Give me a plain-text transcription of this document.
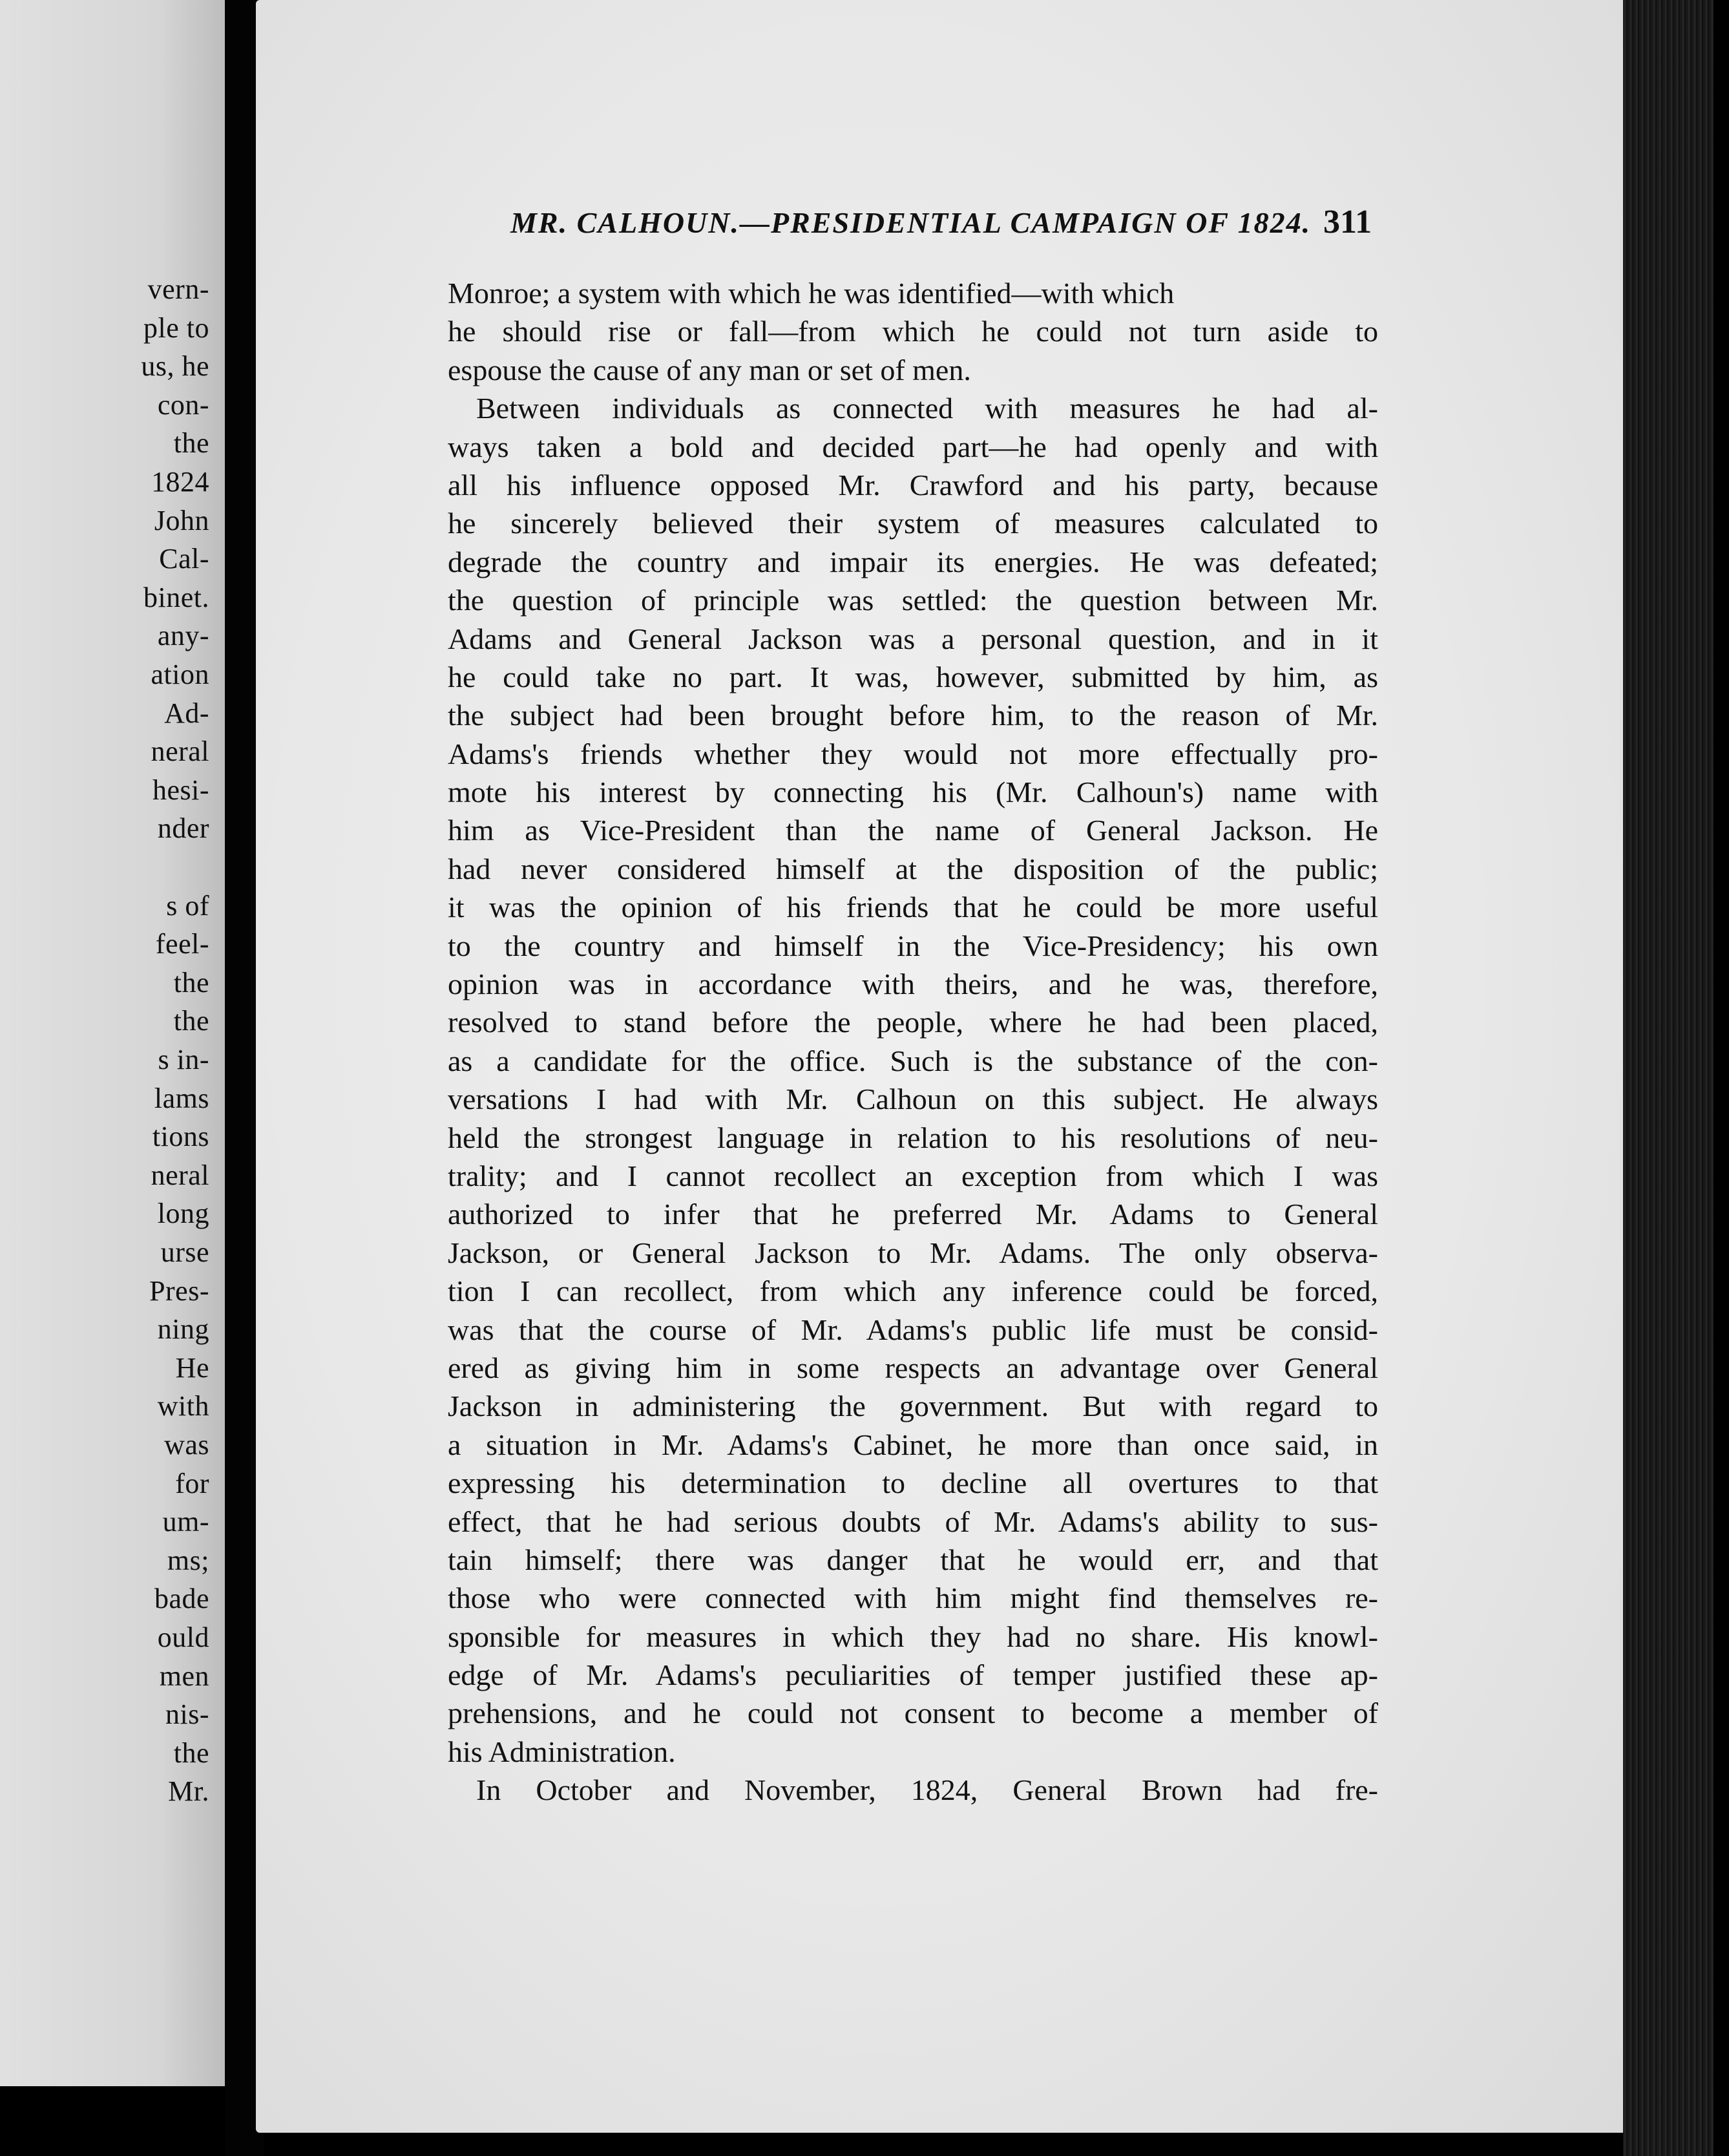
vern-
ple to
us, he
con-
the
1824
John
Cal-
binet.
any-
ation
Ad-
neral
hesi-
nder
s of
feel-
the
the
s in-
lams
tions
neral
long
urse
Pres-
ning
He
with
was
for
um-
ms;
bade
ould
men
nis-
the
Mr.
MR. CALHOUN.—PRESIDENTIAL CAMPAIGN OF 1824. 311
Monroe; a system with which he was identified—with which
he should rise or fall—from which he could not turn aside to
espouse the cause of any man or set of men.
Between individuals as connected with measures he had al-
ways taken a bold and decided part—he had openly and with
all his influence opposed Mr. Crawford and his party, because
he sincerely believed their system of measures calculated to
degrade the country and impair its energies. He was defeated;
the question of principle was settled: the question between Mr.
Adams and General Jackson was a personal question, and in it
he could take no part. It was, however, submitted by him, as
the subject had been brought before him, to the reason of Mr.
Adams's friends whether they would not more effectually pro-
mote his interest by connecting his (Mr. Calhoun's) name with
him as Vice-President than the name of General Jackson. He
had never considered himself at the disposition of the public;
it was the opinion of his friends that he could be more useful
to the country and himself in the Vice-Presidency; his own
opinion was in accordance with theirs, and he was, therefore,
resolved to stand before the people, where he had been placed,
as a candidate for the office. Such is the substance of the con-
versations I had with Mr. Calhoun on this subject. He always
held the strongest language in relation to his resolutions of neu-
trality; and I cannot recollect an exception from which I was
authorized to infer that he preferred Mr. Adams to General
Jackson, or General Jackson to Mr. Adams. The only observa-
tion I can recollect, from which any inference could be forced,
was that the course of Mr. Adams's public life must be consid-
ered as giving him in some respects an advantage over General
Jackson in administering the government. But with regard to
a situation in Mr. Adams's Cabinet, he more than once said, in
expressing his determination to decline all overtures to that
effect, that he had serious doubts of Mr. Adams's ability to sus-
tain himself; there was danger that he would err, and that
those who were connected with him might find themselves re-
sponsible for measures in which they had no share. His knowl-
edge of Mr. Adams's peculiarities of temper justified these ap-
prehensions, and he could not consent to become a member of
his Administration.
In October and November, 1824, General Brown had fre-
